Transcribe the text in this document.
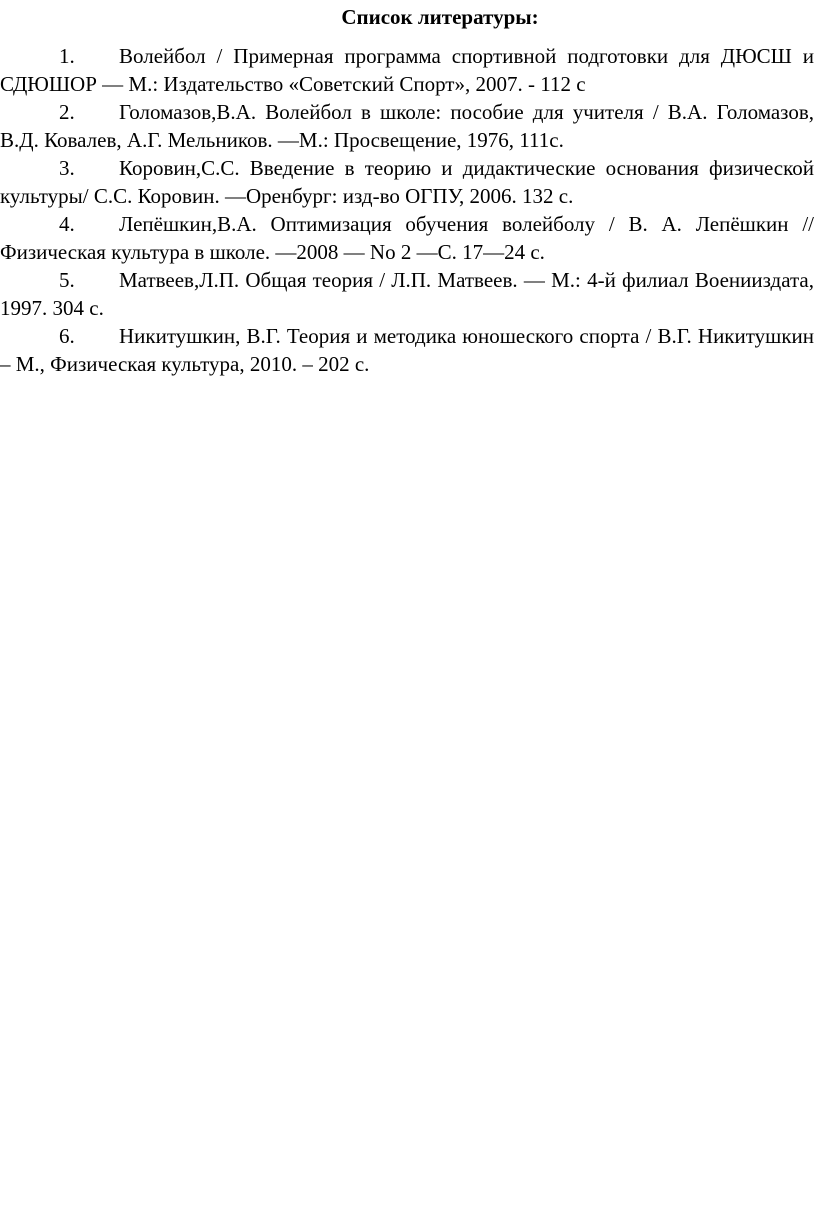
Список литературы:
1. Волейбол / Примерная программа спортивной подготовки для ДЮСШ и СДЮШОР — М.: Издательство «Советский Спорт», 2007. - 112 с
2. Голомазов,В.А. Волейбол в школе: пособие для учителя / В.А. Голомазов, В.Д. Ковалев, А.Г. Мельников. —М.: Просвещение, 1976, 111с.
3. Коровин,С.С. Введение в теорию и дидактические основания физической культуры/ С.С. Коровин. —Оренбург: изд-во ОГПУ, 2006. 132 с.
4. Лепёшкин,В.А. Оптимизация обучения волейболу / В. А. Лепёшкин // Физическая культура в школе. —2008 — No 2 —С. 17—24 с.
5. Матвеев,Л.П. Общая теория / Л.П. Матвеев. — М.: 4-й филиал Военииздата, 1997. 304 с.
6. Никитушкин, В.Г. Теория и методика юношеского спорта / В.Г. Никитушкин – М., Физическая культура, 2010. – 202 с.
